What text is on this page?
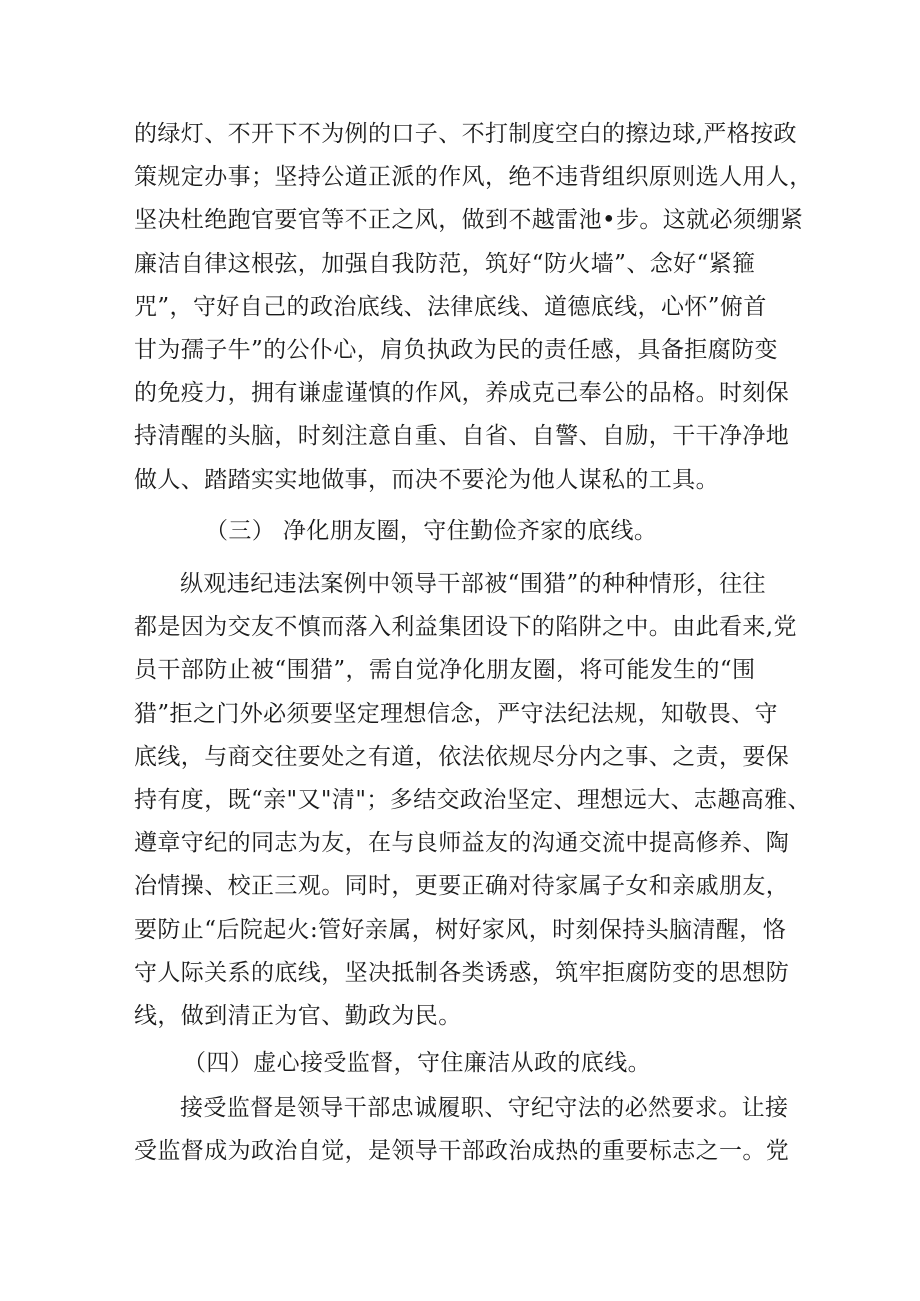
的绿灯、不开下不为例的口子、不打制度空白的擦边球,严格按政
策规定办事；坚持公道正派的作风，绝不违背组织原则选人用人，
坚决杜绝跑官要官等不正之风，做到不越雷池•步。这就必须绷紧
廉洁自律这根弦，加强自我防范，筑好“防火墙”、念好“紧箍
咒”，守好自己的政治底线、法律底线、道德底线，心怀”俯首
甘为孺子牛”的公仆心，肩负执政为民的责任感，具备拒腐防变
的免疫力，拥有谦虚谨慎的作风，养成克己奉公的品格。时刻保
持清醒的头脑，时刻注意自重、自省、自警、自励，干干净净地
做人、踏踏实实地做事，而决不要沦为他人谋私的工具。
（三） 净化朋友圈，守住勤俭齐家的底线。
纵观违纪违法案例中领导干部被“围猎”的种种情形，往往
都是因为交友不慎而落入利益集团设下的陷阱之中。由此看来,党
员干部防止被“围猎”，需自觉净化朋友圈，将可能发生的“围
猎”拒之门外必须要坚定理想信念，严守法纪法规，知敬畏、守
底线，与商交往要处之有道，依法依规尽分内之事、之责，要保
持有度，既“亲"又"清"；多结交政治坚定、理想远大、志趣高雅、
遵章守纪的同志为友，在与良师益友的沟通交流中提高修养、陶
冶情操、校正三观。同时，更要正确对待家属子女和亲戚朋友，
要防止“后院起火:管好亲属，树好家风，时刻保持头脑清醒，恪
守人际关系的底线，坚决抵制各类诱惑，筑牢拒腐防变的思想防
线，做到清正为官、勤政为民。
（四）虚心接受监督，守住廉洁从政的底线。
接受监督是领导干部忠诚履职、守纪守法的必然要求。让接
受监督成为政治自觉，是领导干部政治成热的重要标志之一。党
